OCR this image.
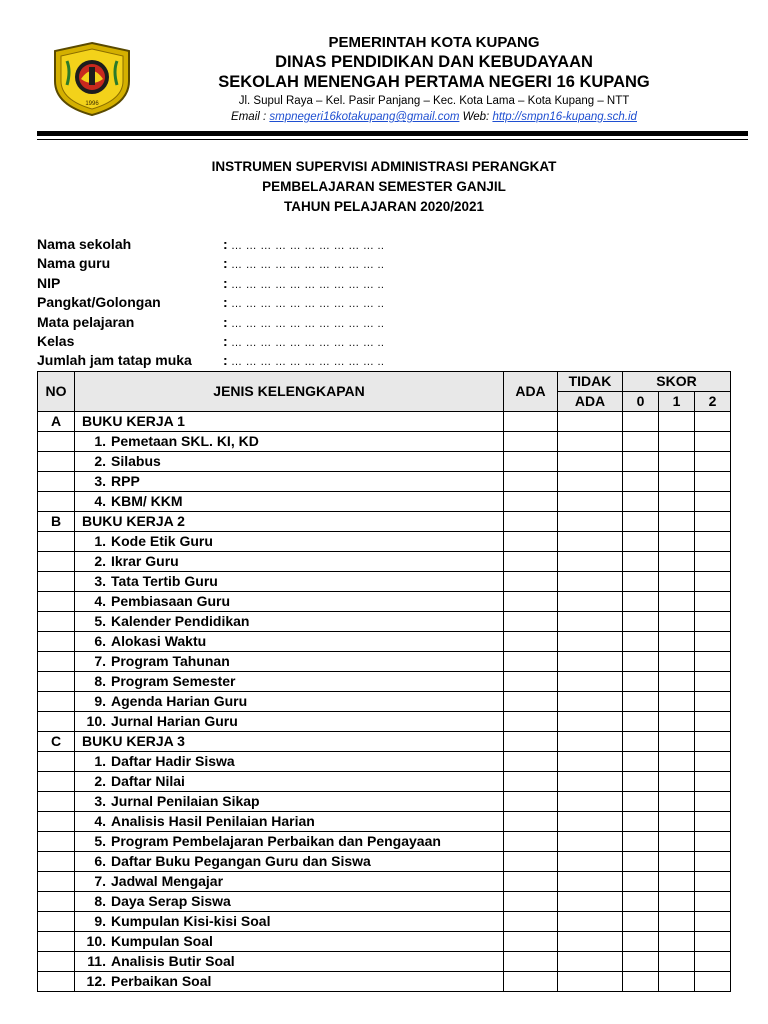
1996
PEMERINTAH KOTA KUPANG
DINAS PENDIDIKAN DAN KEBUDAYAAN
SEKOLAH MENENGAH PERTAMA NEGERI 16 KUPANG
Jl. Supul Raya – Kel. Pasir Panjang – Kec. Kota Lama – Kota Kupang – NTT
Email : smpnegeri16kotakupang@gmail.com Web: http://smpn16-kupang.sch.id
INSTRUMEN SUPERVISI ADMINISTRASI PERANGKAT
PEMBELAJARAN SEMESTER GANJIL
TAHUN PELAJARAN 2020/2021
Nama sekolah	: … … … … … … … … … … ..
Nama guru	: … … … … … … … … … … ..
NIP	: … … … … … … … … … … ..
Pangkat/Golongan	: … … … … … … … … … … ..
Mata pelajaran	: … … … … … … … … … … ..
Kelas	: … … … … … … … … … … ..
Jumlah jam tatap muka : … … … … … … … … … … ..
NO	JENIS KELENGKAPAN	ADA	TIDAK	SKOR		
			ADA	0	1	2
A	BUKU KERJA 1					
	1. Pemetaan SKL. KI, KD					
	2. Silabus					
	3. RPP					
	4. KBM/ KKM					
B	BUKU KERJA 2					
	1. Kode Etik Guru					
	2. Ikrar Guru					
	3. Tata Tertib Guru					
	4. Pembiasaan Guru					
	5. Kalender Pendidikan					
	6. Alokasi Waktu					
	7. Program Tahunan					
	8. Program Semester					
	9. Agenda Harian Guru					
	10. Jurnal Harian Guru					
C	BUKU KERJA 3					
	1. Daftar Hadir Siswa					
	2. Daftar Nilai					
	3. Jurnal Penilaian Sikap					
	4. Analisis Hasil Penilaian Harian					
	5. Program Pembelajaran Perbaikan dan Pengayaan					
	6. Daftar Buku Pegangan Guru dan Siswa					
	7. Jadwal Mengajar					
	8. Daya Serap Siswa					
	9. Kumpulan Kisi-kisi Soal					
	10. Kumpulan Soal					
	11. Analisis Butir Soal					
	12. Perbaikan Soal					
